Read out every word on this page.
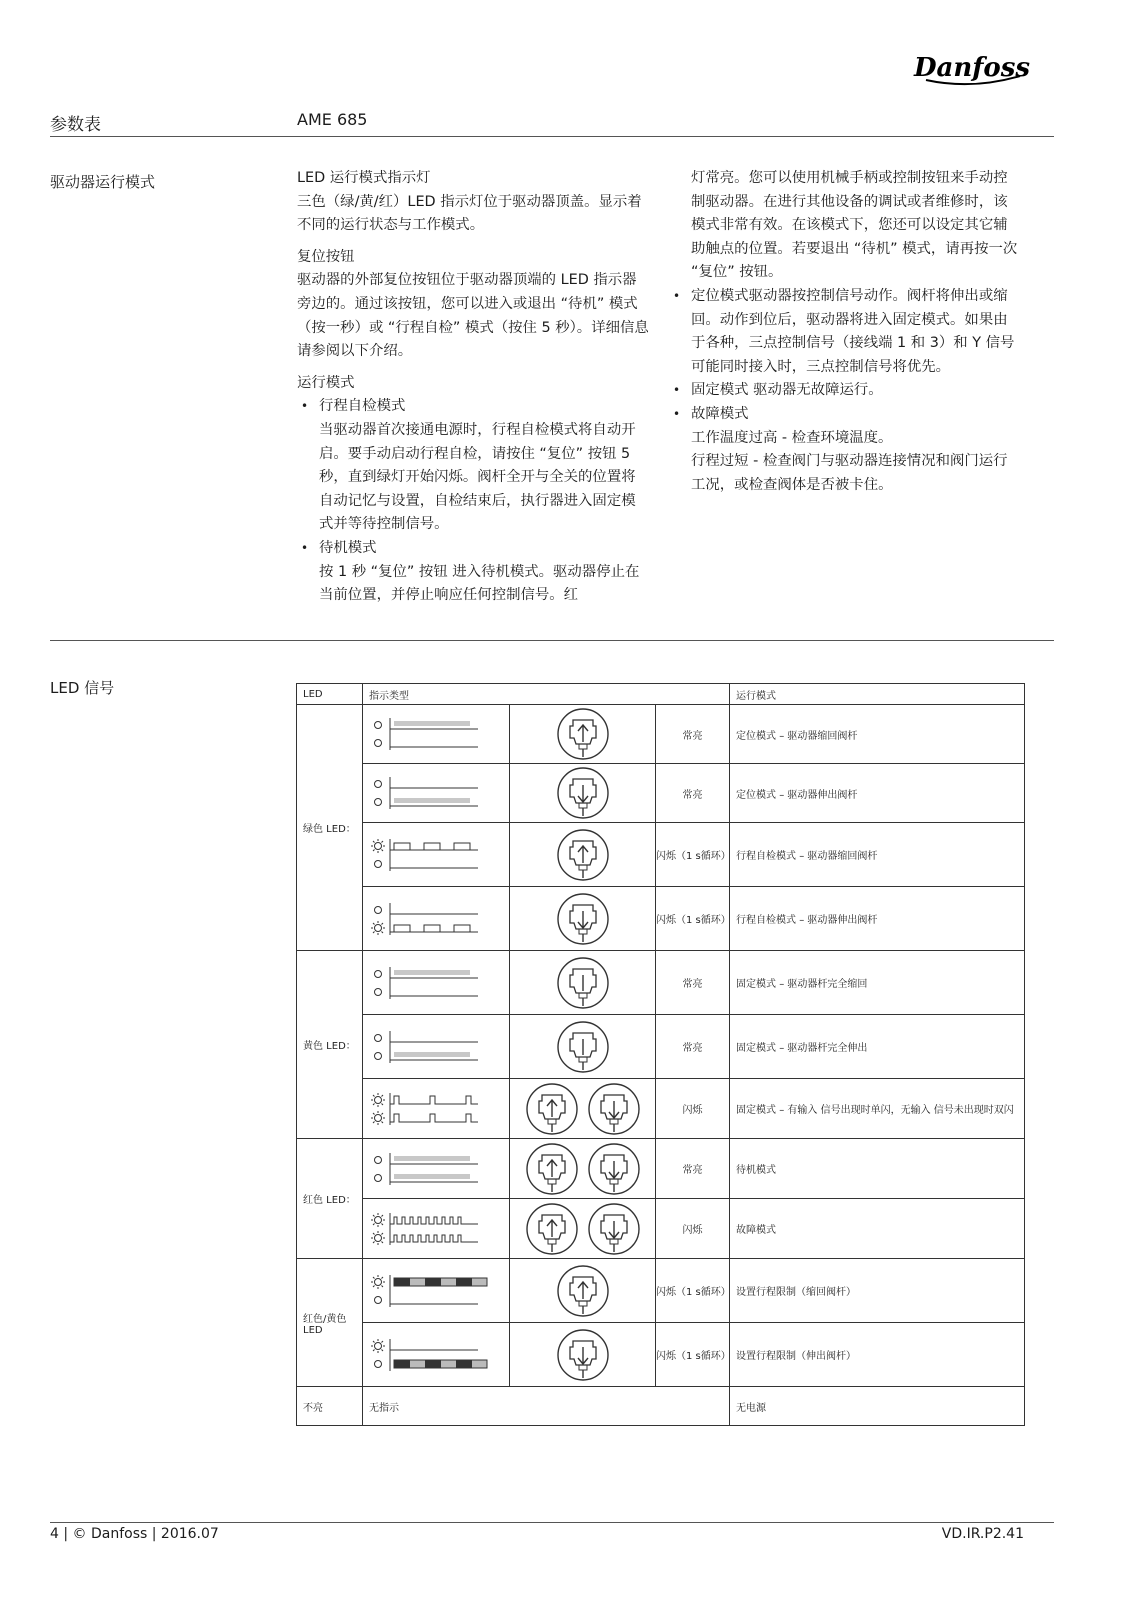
Danfoss
参数表	AME 685
驱动器运行模式	LED 运行模式指示灯

三色（绿/黄/红）LED 指示灯位于驱动器顶盖。显示着不同的运行状态与工作模式。

复位按钮

驱动器的外部复位按钮位于驱动器顶端的 LED 指示器旁边的。通过该按钮，您可以进入或退出 “待机” 模式（按一秒）或 “行程自检” 模式（按住 5 秒）。详细信息请参阅以下介绍。

运行模式

• 行程自检模式
当驱动器首次接通电源时，行程自检模式将自动开启。要手动启动行程自检，请按住 “复位” 按钮 5 秒，直到绿灯开始闪烁。阀杆全开与全关的位置将自动记忆与设置，自检结束后，执行器进入固定模式并等待控制信号。
• 待机模式
按 1 秒 “复位” 按钮 进入待机模式。驱动器停止在当前位置，并停止响应任何控制信号。红
灯常亮。您可以使用机械手柄或控制按钮来手动控制驱动器。在进行其他设备的调试或者维修时，该模式非常有效。在该模式下，您还可以设定其它辅助触点的位置。若要退出 “待机” 模式，请再按一次 “复位” 按钮。
• 定位模式驱动器按控制信号动作。阀杆将伸出或缩回。动作到位后，驱动器将进入固定模式。如果由于各种，三点控制信号（接线端 1 和 3）和 Y 信号可能同时接入时，三点控制信号将优先。
• 固定模式 驱动器无故障运行。
• 故障模式
工作温度过高 - 检查环境温度。
行程过短 - 检查阀门与驱动器连接情况和阀门运行工况，或检查阀体是否被卡住。
LED 信号	LED	指示类型			运行模式
绿色 LED：			常亮	定位模式 – 驱动器缩回阀杆

	常亮	定位模式 – 驱动器伸出阀杆

	闪烁（1 s循环）	行程自检模式 – 驱动器缩回阀杆

	闪烁（1 s循环）	行程自检模式 – 驱动器伸出阀杆
黄色 LED：			常亮	固定模式 – 驱动器杆完全缩回

	常亮	固定模式 – 驱动器杆完全伸出

	闪烁	固定模式 – 有输入 信号出现时单闪，无输入 信号未出现时双闪
红色 LED：			常亮	待机模式

	闪烁	故障模式
红色/黄色 LED			闪烁（1 s循环）	设置行程限制（缩回阀杆）

	闪烁（1 s循环）	设置行程限制（伸出阀杆）
不亮	无指示			无电源
4 | © Danfoss | 2016.07	VD.IR.P2.41
